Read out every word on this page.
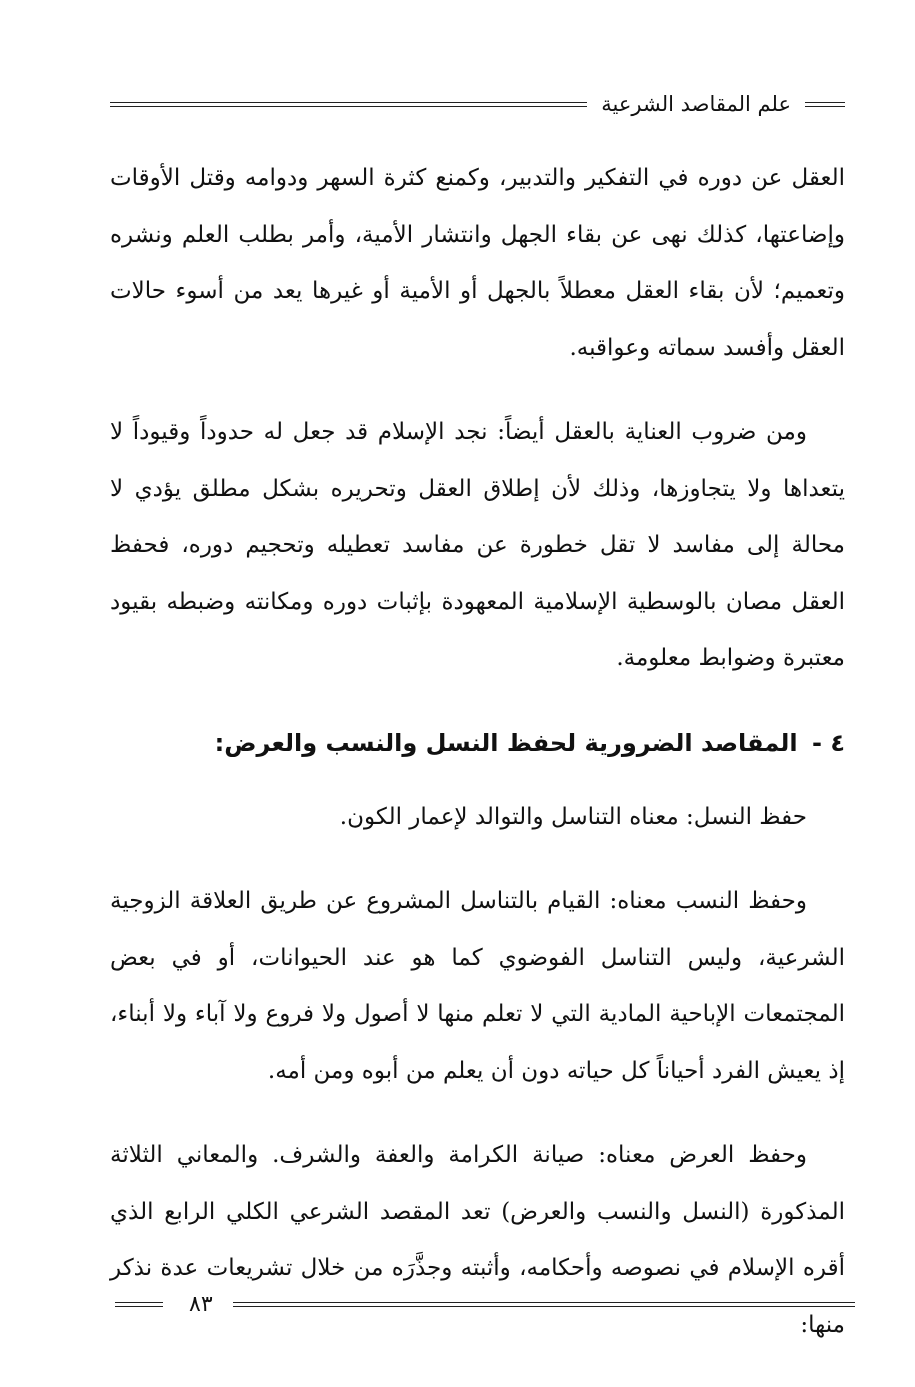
علم المقاصد الشرعية

العقل عن دوره في التفكير والتدبير، وكمنع كثرة السهر ودوامه وقتل الأوقات وإضاعتها، كذلك نهى عن بقاء الجهل وانتشار الأمية، وأمر بطلب العلم ونشره وتعميم؛ لأن بقاء العقل معطلاً بالجهل أو الأمية أو غيرها يعد من أسوء حالات العقل وأفسد سماته وعواقبه.

ومن ضروب العناية بالعقل أيضاً: نجد الإسلام قد جعل له حدوداً وقيوداً لا يتعداها ولا يتجاوزها، وذلك لأن إطلاق العقل وتحريره بشكل مطلق يؤدي لا محالة إلى مفاسد لا تقل خطورة عن مفاسد تعطيله وتحجيم دوره، فحفظ العقل مصان بالوسطية الإسلامية المعهودة بإثبات دوره ومكانته وضبطه بقيود معتبرة وضوابط معلومة.

٤ - المقاصد الضرورية لحفظ النسل والنسب والعرض:

حفظ النسل: معناه التناسل والتوالد لإعمار الكون.

وحفظ النسب معناه: القيام بالتناسل المشروع عن طريق العلاقة الزوجية الشرعية، وليس التناسل الفوضوي كما هو عند الحيوانات، أو في بعض المجتمعات الإباحية المادية التي لا تعلم منها لا أصول ولا فروع ولا آباء ولا أبناء، إذ يعيش الفرد أحياناً كل حياته دون أن يعلم من أبوه ومن أمه.

وحفظ العرض معناه: صيانة الكرامة والعفة والشرف. والمعاني الثلاثة المذكورة (النسل والنسب والعرض) تعد المقصد الشرعي الكلي الرابع الذي أقره الإسلام في نصوصه وأحكامه، وأثبته وجذَّرَه من خلال تشريعات عدة نذكر منها:

٨٣
